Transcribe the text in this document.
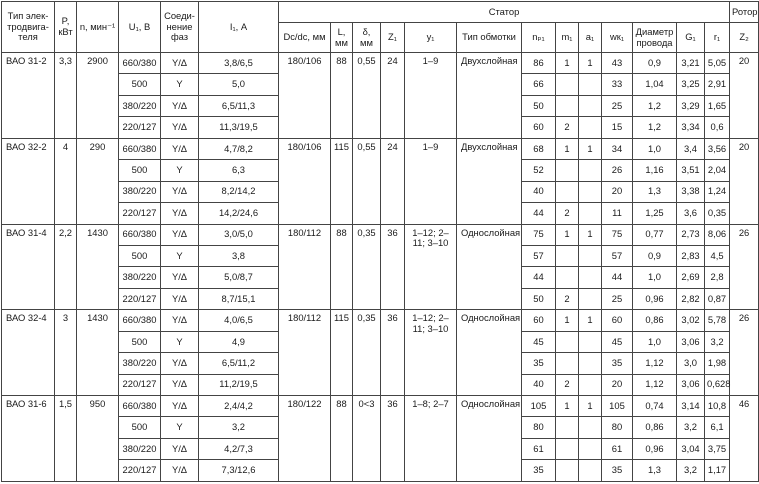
Тип элек-тродвига-теля	P, кВт	n, мин⁻¹	U₁, В	Соеди-нение фаз	I₁, А	Статор													Ротор
						Dc/dc, мм	L, мм	δ, мм	Z₁	y₁	Тип обмотки	nₚ₁	m₁	a₁	wк₁	Диаметр провода	G₁	r₁	Z₂
ВАО 31-2	3,3	2900	660/380	Y/Δ	3,8/6,5	180/106	88	0,55	24	1–9	Двухслойная	86	1	1	43	0,9	3,21	5,05	20
			500	Y	5,0							66			33	1,04	3,25	2,91	
			380/220	Y/Δ	6,5/11,3							50			25	1,2	3,29	1,65	
			220/127	Y/Δ	11,3/19,5							60	2		15	1,2	3,34	0,6	
ВАО 32-2	4	290	660/380	Y/Δ	4,7/8,2	180/106	115	0,55	24	1–9	Двухслойная	68	1	1	34	1,0	3,4	3,56	20
			500	Y	6,3							52			26	1,16	3,51	2,04	
			380/220	Y/Δ	8,2/14,2							40			20	1,3	3,38	1,24	
			220/127	Y/Δ	14,2/24,6							44	2		11	1,25	3,6	0,35	
ВАО 31-4	2,2	1430	660/380	Y/Δ	3,0/5,0	180/112	88	0,35	36	1–12; 2–11; 3–10	Однослойная	75	1	1	75	0,77	2,73	8,06	26
			500	Y	3,8							57			57	0,9	2,83	4,5	
			380/220	Y/Δ	5,0/8,7							44			44	1,0	2,69	2,8	
			220/127	Y/Δ	8,7/15,1							50	2		25	0,96	2,82	0,87	
ВАО 32-4	3	1430	660/380	Y/Δ	4,0/6,5	180/112	115	0,35	36	1–12; 2–11; 3–10	Однослойная	60	1	1	60	0,86	3,02	5,78	26
			500	Y	4,9							45			45	1,0	3,06	3,2	
			380/220	Y/Δ	6,5/11,2							35			35	1,12	3,0	1,98	
			220/127	Y/Δ	11,2/19,5							40	2		20	1,12	3,06	0,628	
ВАО 31-6	1,5	950	660/380	Y/Δ	2,4/4,2	180/122	88	0<3	36	1–8; 2–7	Однослойная	105	1	1	105	0,74	3,14	10,8	46
			500	Y	3,2							80			80	0,86	3,2	6,1	
			380/220	Y/Δ	4,2/7,3							61			61	0,96	3,04	3,75	
			220/127	Y/Δ	7,3/12,6							35			35	1,3	3,2	1,17	
